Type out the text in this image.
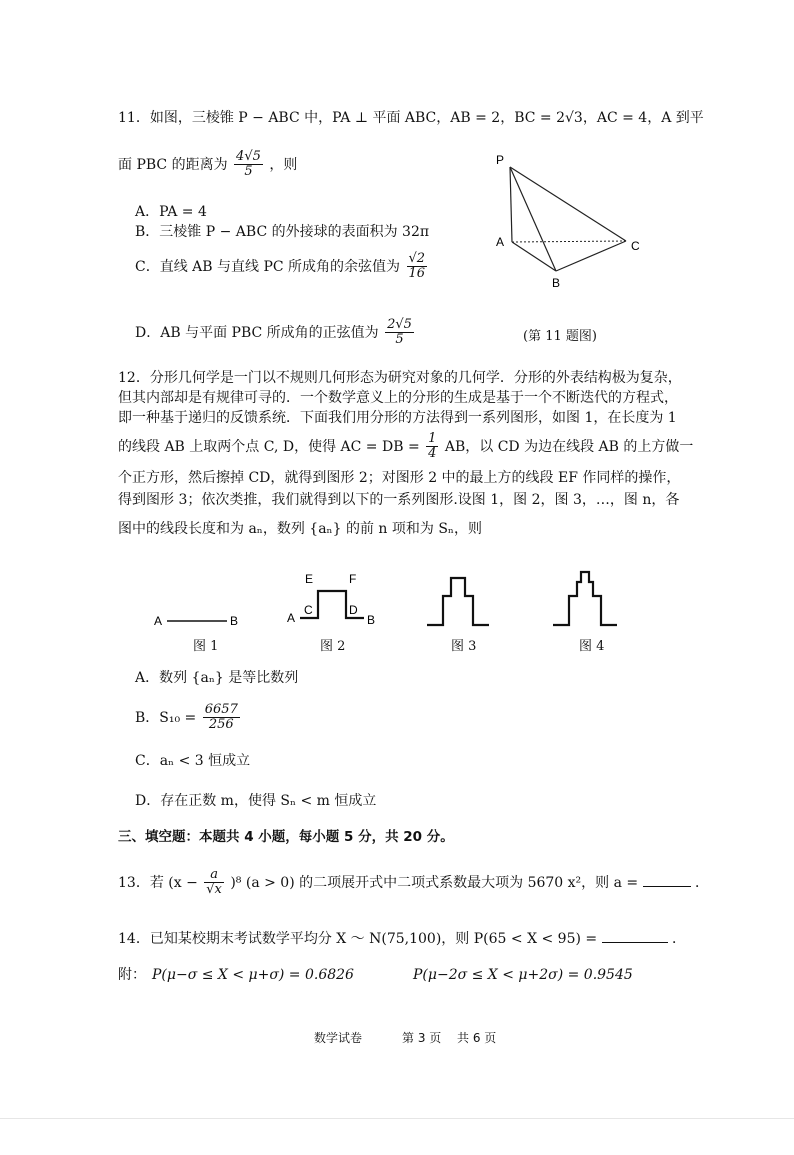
11．如图，三棱锥 P − ABC 中，PA ⊥ 平面 ABC，AB = 2，BC = 2√3，AC = 4，A 到平
面 PBC 的距离为 $\frac{4√5}{5}$ ，则
A．PA = 4
B．三棱锥 P − ABC 的外接球的表面积为 32π
C．直线 AB 与直线 PC 所成角的余弦值为 $\frac{√2}{16}$
D．AB 与平面 PBC 所成角的正弦值为 $\frac{2√5}{5}$	(第 11 题图)
P
A
B
C
12．分形几何学是一门以不规则几何形态为研究对象的几何学．分形的外表结构极为复杂，
但其内部却是有规律可寻的．一个数学意义上的分形的生成是基于一个不断迭代的方程式，
即一种基于递归的反馈系统．下面我们用分形的方法得到一系列图形，如图 1，在长度为 1
的线段 AB 上取两个点 C, D，使得 AC = DB = $\frac{1}{4}$ AB，以 CD 为边在线段 AB 的上方做一
个正方形，然后擦掉 CD，就得到图形 2；对图形 2 中的最上方的线段 EF 作同样的操作，
得到图形 3；依次类推，我们就得到以下的一系列图形.设图 1，图 2，图 3，…，图 n，各
图中的线段长度和为 aₙ，数列 {aₙ} 的前 n 项和为 Sₙ，则
A	B	A
C
E	F
D
B
图 1	图 2	图 3	图 4
A．数列 {aₙ} 是等比数列
B．$S_{10} = \frac{6657}{256}$
C．aₙ < 3 恒成立
D．存在正数 m，使得 Sₙ < m 恒成立
三、填空题：本题共 4 小题，每小题 5 分，共 20 分。
13．若 $(x - \frac{a}{√x} )^8$ (a > 0) 的二项展开式中二项式系数最大项为 5670 x²，则 a =	．
14．已知某校期末考试数学平均分 X ～ N(75,100)，则 P(65 < X < 95) =	．
附： P(μ−σ ≤ X < μ+σ) = 0.6826	P(μ−2σ ≤ X < μ+2σ) = 0.9545
数学试卷	第 3 页 共 6 页
